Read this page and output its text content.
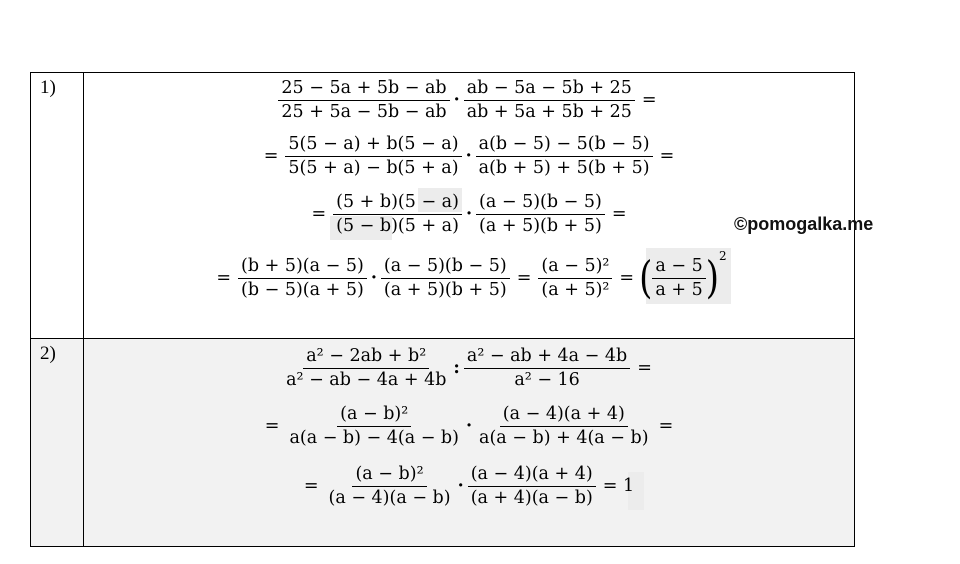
1)
2)
$\frac{25 - 5a + 5b - ab}{25 + 5a - 5b - ab} \cdot \frac{ab - 5a - 5b + 25}{ab + 5a + 5b + 25}$ =
= $\frac{5(5 - a) + b(5 - a)}{5(5 + a) - b(5 + a)} \cdot \frac{a(b - 5) - 5(b - 5)}{a(b + 5) + 5(b + 5)}$ =
= $\frac{(5 + b)(5 - a)}{(5 - b)(5 + a)} \cdot \frac{(a - 5)(b - 5)}{(a + 5)(b + 5)}$ =
= $\frac{(b + 5)(a - 5)}{(b - 5)(a + 5)} \cdot \frac{(a - 5)(b - 5)}{(a + 5)(b + 5)} = \frac{\text{(a − 5)²}}{\text{(a + 5)²}}$ = ( $\frac{a - 5}{a + 5}$ ) 2
$\frac{\text{a² − 2ab + b²}}{\text{a² − ab − 4a + 4b}}$ : $\frac{\text{a² − ab + 4a − 4b}}{\text{a² − 16}}$ =
= $\frac{\text{(a − b)²}}{a(a - b) - 4(a - b)} \cdot \frac{(a - 4)(a + 4)}{a(a - b) + 4(a - b)}$ =
= $\frac{\text{(a − b)²}}{(a - 4)(a - b)} \cdot \frac{(a - 4)(a + 4)}{(a + 4)(a - b)} = 1$
©pomogalka.me
